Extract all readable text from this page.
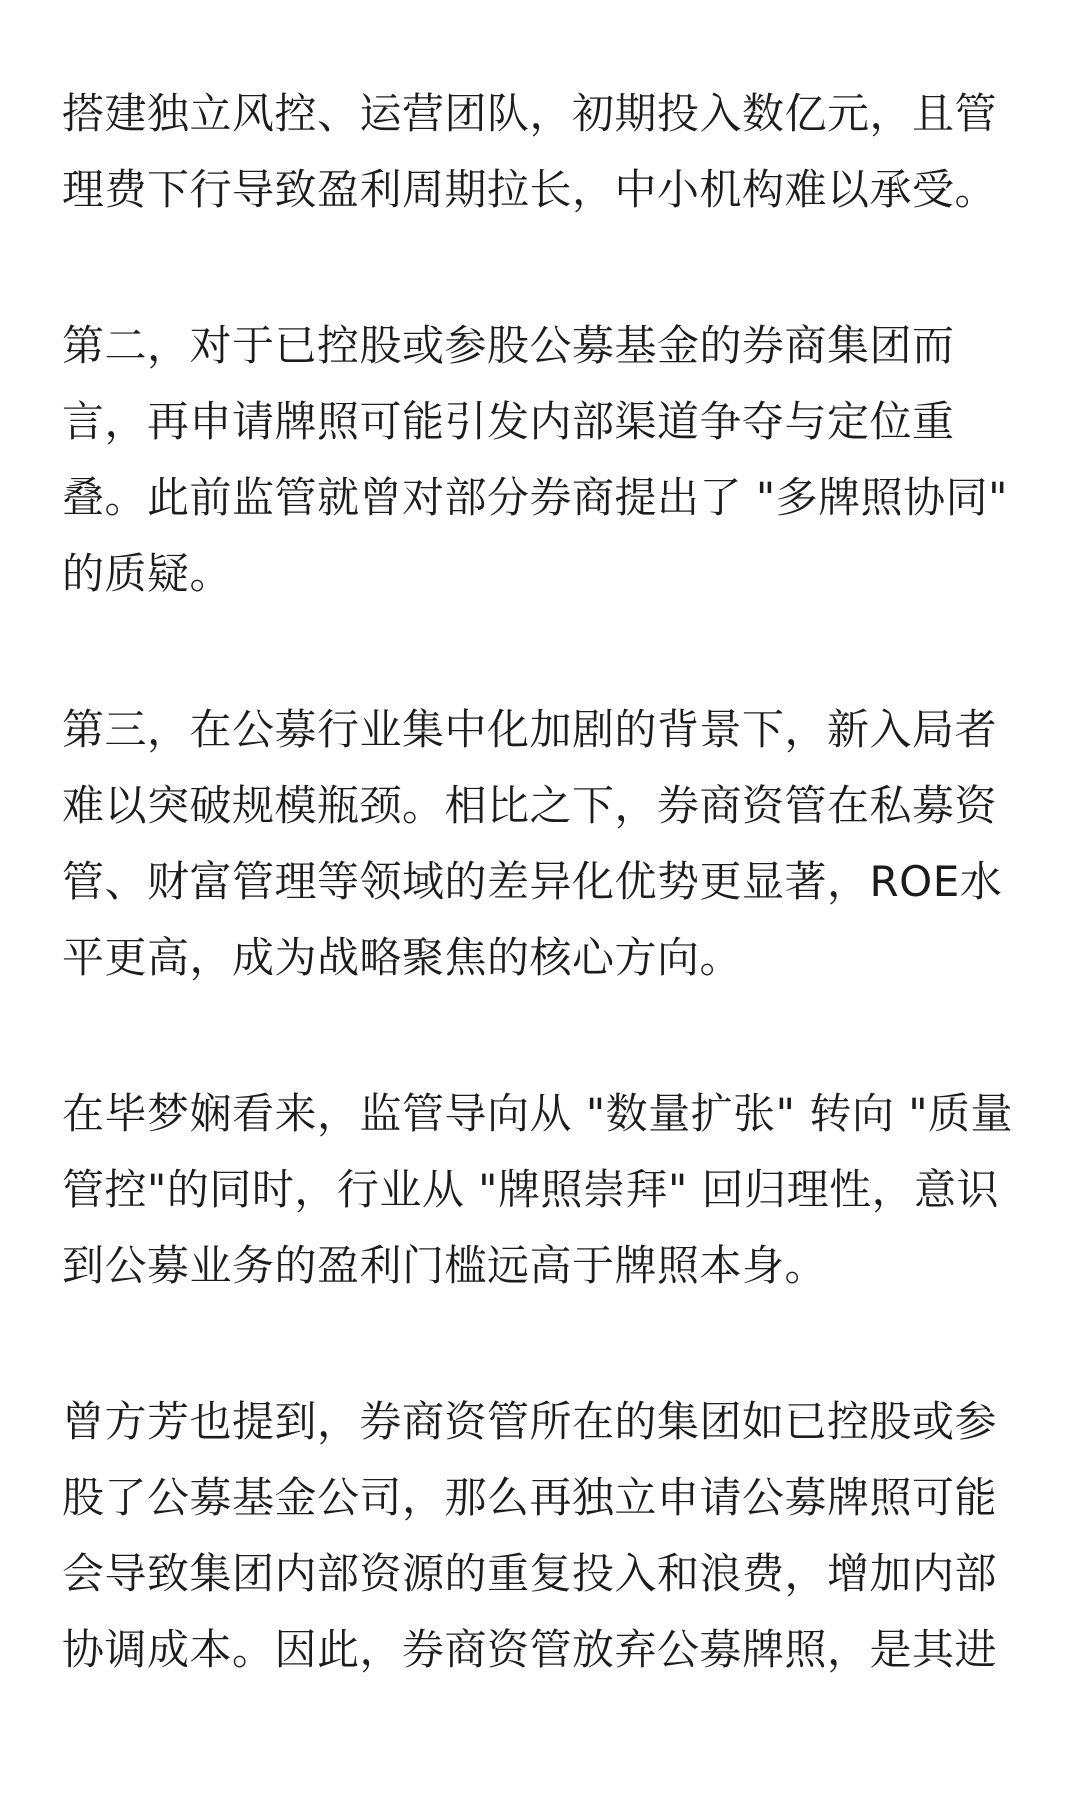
搭建独立风控、运营团队，初期投入数亿元，且管
理费下行导致盈利周期拉长，中小机构难以承受。
第二，对于已控股或参股公募基金的券商集团而
言，再申请牌照可能引发内部渠道争夺与定位重
叠。此前监管就曾对部分券商提出了 "多牌照协同"
的质疑。
第三，在公募行业集中化加剧的背景下，新入局者
难以突破规模瓶颈。相比之下，券商资管在私募资
管、财富管理等领域的差异化优势更显著，ROE水
平更高，成为战略聚焦的核心方向。
在毕梦娴看来，监管导向从 "数量扩张" 转向 "质量
管控"的同时，行业从 "牌照崇拜" 回归理性，意识
到公募业务的盈利门槛远高于牌照本身。
曾方芳也提到，券商资管所在的集团如已控股或参
股了公募基金公司，那么再独立申请公募牌照可能
会导致集团内部资源的重复投入和浪费，增加内部
协调成本。因此，券商资管放弃公募牌照，是其进
